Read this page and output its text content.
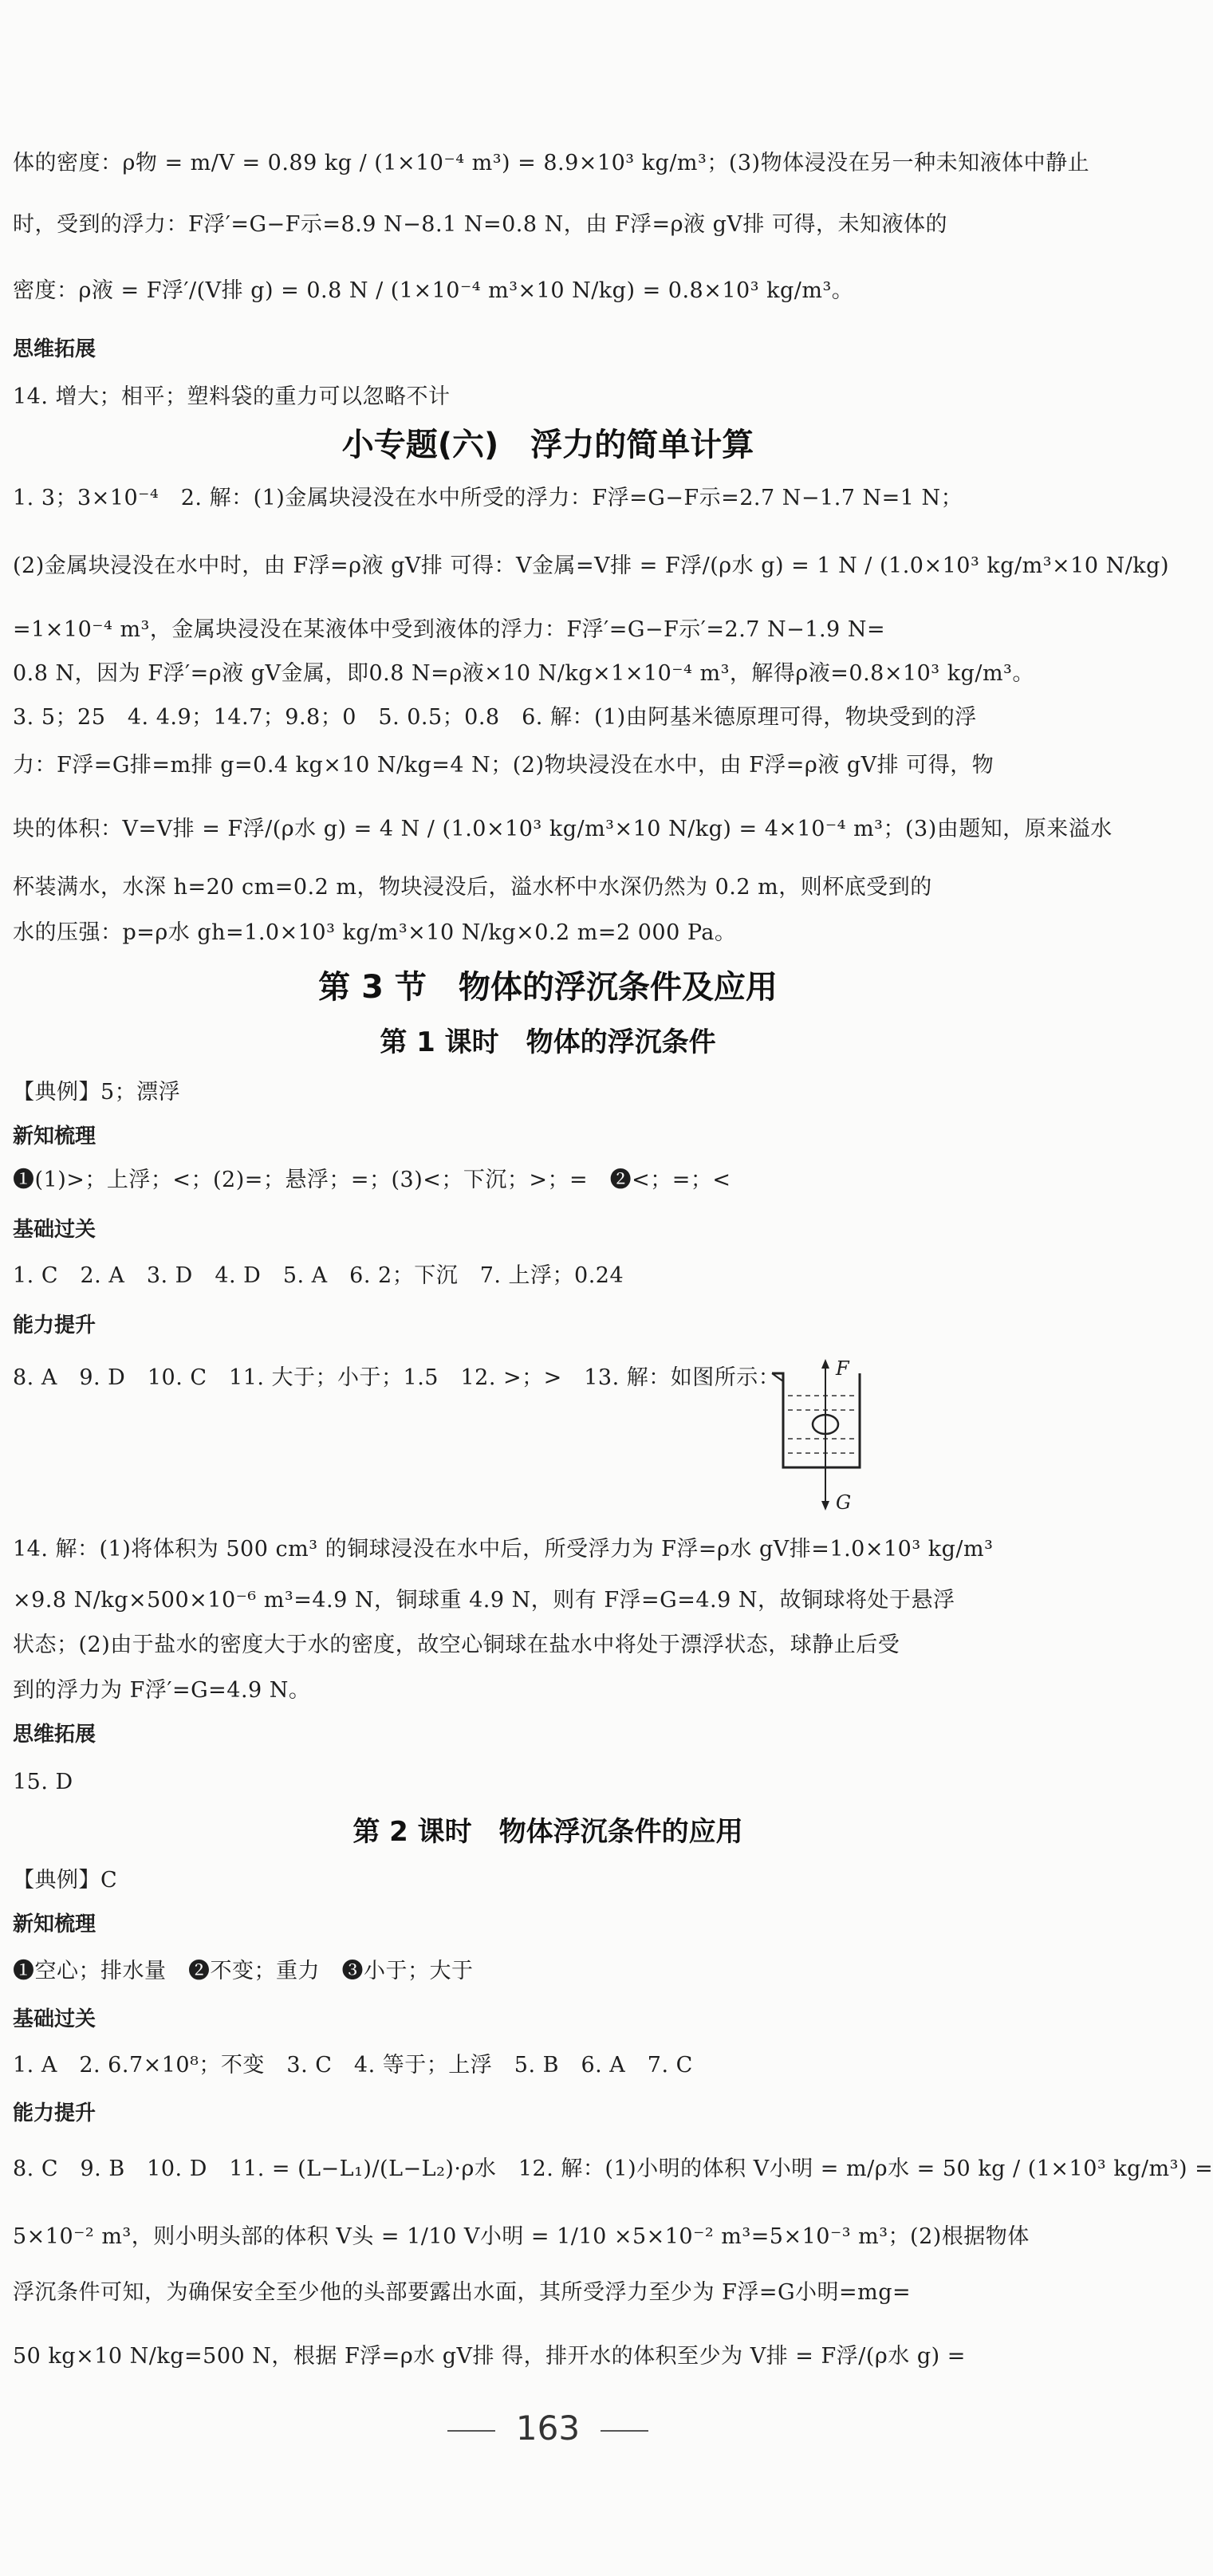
体的密度：ρ物 = m/V = 0.89 kg / (1×10⁻⁴ m³) = 8.9×10³ kg/m³；(3)物体浸没在另一种未知液体中静止
时，受到的浮力：F浮′=G−F示=8.9 N−8.1 N=0.8 N，由 F浮=ρ液 gV排 可得，未知液体的
密度：ρ液 = F浮′/(V排 g) = 0.8 N / (1×10⁻⁴ m³×10 N/kg) = 0.8×10³ kg/m³。
思维拓展
14. 增大；相平；塑料袋的重力可以忽略不计
小专题(六)　浮力的简单计算
1. 3；3×10⁻⁴　2. 解：(1)金属块浸没在水中所受的浮力：F浮=G−F示=2.7 N−1.7 N=1 N；
(2)金属块浸没在水中时，由 F浮=ρ液 gV排 可得：V金属=V排 = F浮/(ρ水 g) = 1 N / (1.0×10³ kg/m³×10 N/kg)
=1×10⁻⁴ m³，金属块浸没在某液体中受到液体的浮力：F浮′=G−F示′=2.7 N−1.9 N=
0.8 N，因为 F浮′=ρ液 gV金属，即0.8 N=ρ液×10 N/kg×1×10⁻⁴ m³，解得ρ液=0.8×10³ kg/m³。
3. 5；25　4. 4.9；14.7；9.8；0　5. 0.5；0.8　6. 解：(1)由阿基米德原理可得，物块受到的浮
力：F浮=G排=m排 g=0.4 kg×10 N/kg=4 N；(2)物块浸没在水中，由 F浮=ρ液 gV排 可得，物
块的体积：V=V排 = F浮/(ρ水 g) = 4 N / (1.0×10³ kg/m³×10 N/kg) = 4×10⁻⁴ m³；(3)由题知，原来溢水
杯装满水，水深 h=20 cm=0.2 m，物块浸没后，溢水杯中水深仍然为 0.2 m，则杯底受到的
水的压强：p=ρ水 gh=1.0×10³ kg/m³×10 N/kg×0.2 m=2 000 Pa。
第 3 节　物体的浮沉条件及应用
第 1 课时　物体的浮沉条件
【典例】5；漂浮
新知梳理
❶(1)>；上浮；<；(2)=；悬浮；=；(3)<；下沉；>；=　❷<；=；<
基础过关
1. C　2. A　3. D　4. D　5. A　6. 2；下沉　7. 上浮；0.24
能力提升
8. A　9. D　10. C　11. 大于；小于；1.5　12. >；>　13. 解：如图所示：	F
G
14. 解：(1)将体积为 500 cm³ 的铜球浸没在水中后，所受浮力为 F浮=ρ水 gV排=1.0×10³ kg/m³
×9.8 N/kg×500×10⁻⁶ m³=4.9 N，铜球重 4.9 N，则有 F浮=G=4.9 N，故铜球将处于悬浮
状态；(2)由于盐水的密度大于水的密度，故空心铜球在盐水中将处于漂浮状态，球静止后受
到的浮力为 F浮′=G=4.9 N。
思维拓展
15. D
第 2 课时　物体浮沉条件的应用
【典例】C
新知梳理
❶空心；排水量　❷不变；重力　❸小于；大于
基础过关
1. A　2. 6.7×10⁸；不变　3. C　4. 等于；上浮　5. B　6. A　7. C
能力提升
8. C　9. B　10. D　11. = (L−L₁)/(L−L₂)·ρ水　12. 解：(1)小明的体积 V小明 = m/ρ水 = 50 kg / (1×10³ kg/m³) =
5×10⁻² m³，则小明头部的体积 V头 = 1/10 V小明 = 1/10 ×5×10⁻² m³=5×10⁻³ m³；(2)根据物体
浮沉条件可知，为确保安全至少他的头部要露出水面，其所受浮力至少为 F浮=G小明=mg=
50 kg×10 N/kg=500 N，根据 F浮=ρ水 gV排 得，排开水的体积至少为 V排 = F浮/(ρ水 g) =
163
